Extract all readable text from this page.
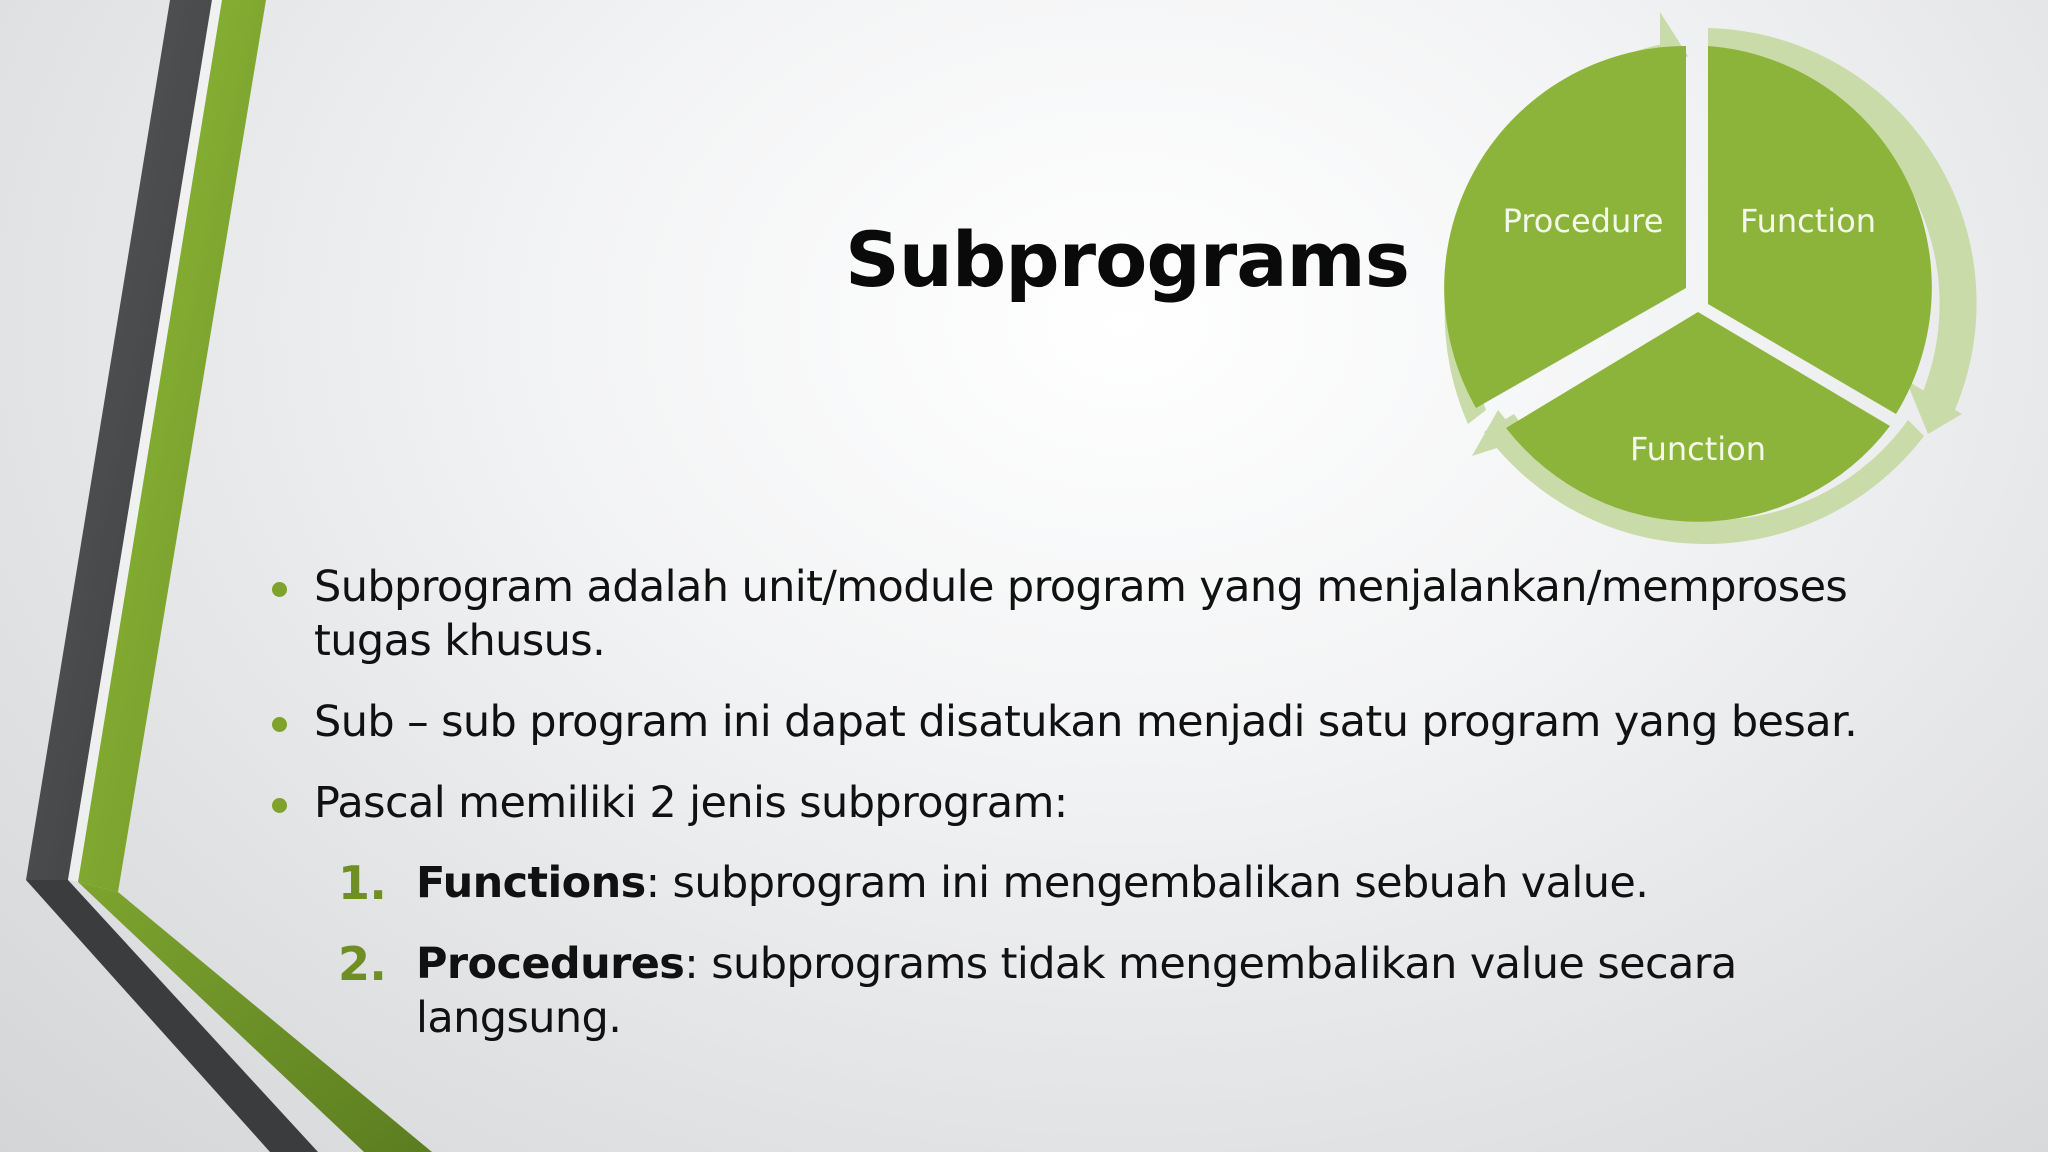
Subprograms	Procedure Function
Function
Subprogram adalah unit/module program yang menjalankan/memproses tugas khusus.
Sub – sub program ini dapat disatukan menjadi satu program yang besar.
Pascal memiliki 2 jenis subprogram:
1. Functions: subprogram ini mengembalikan sebuah value.
2. Procedures: subprograms tidak mengembalikan value secara langsung.
